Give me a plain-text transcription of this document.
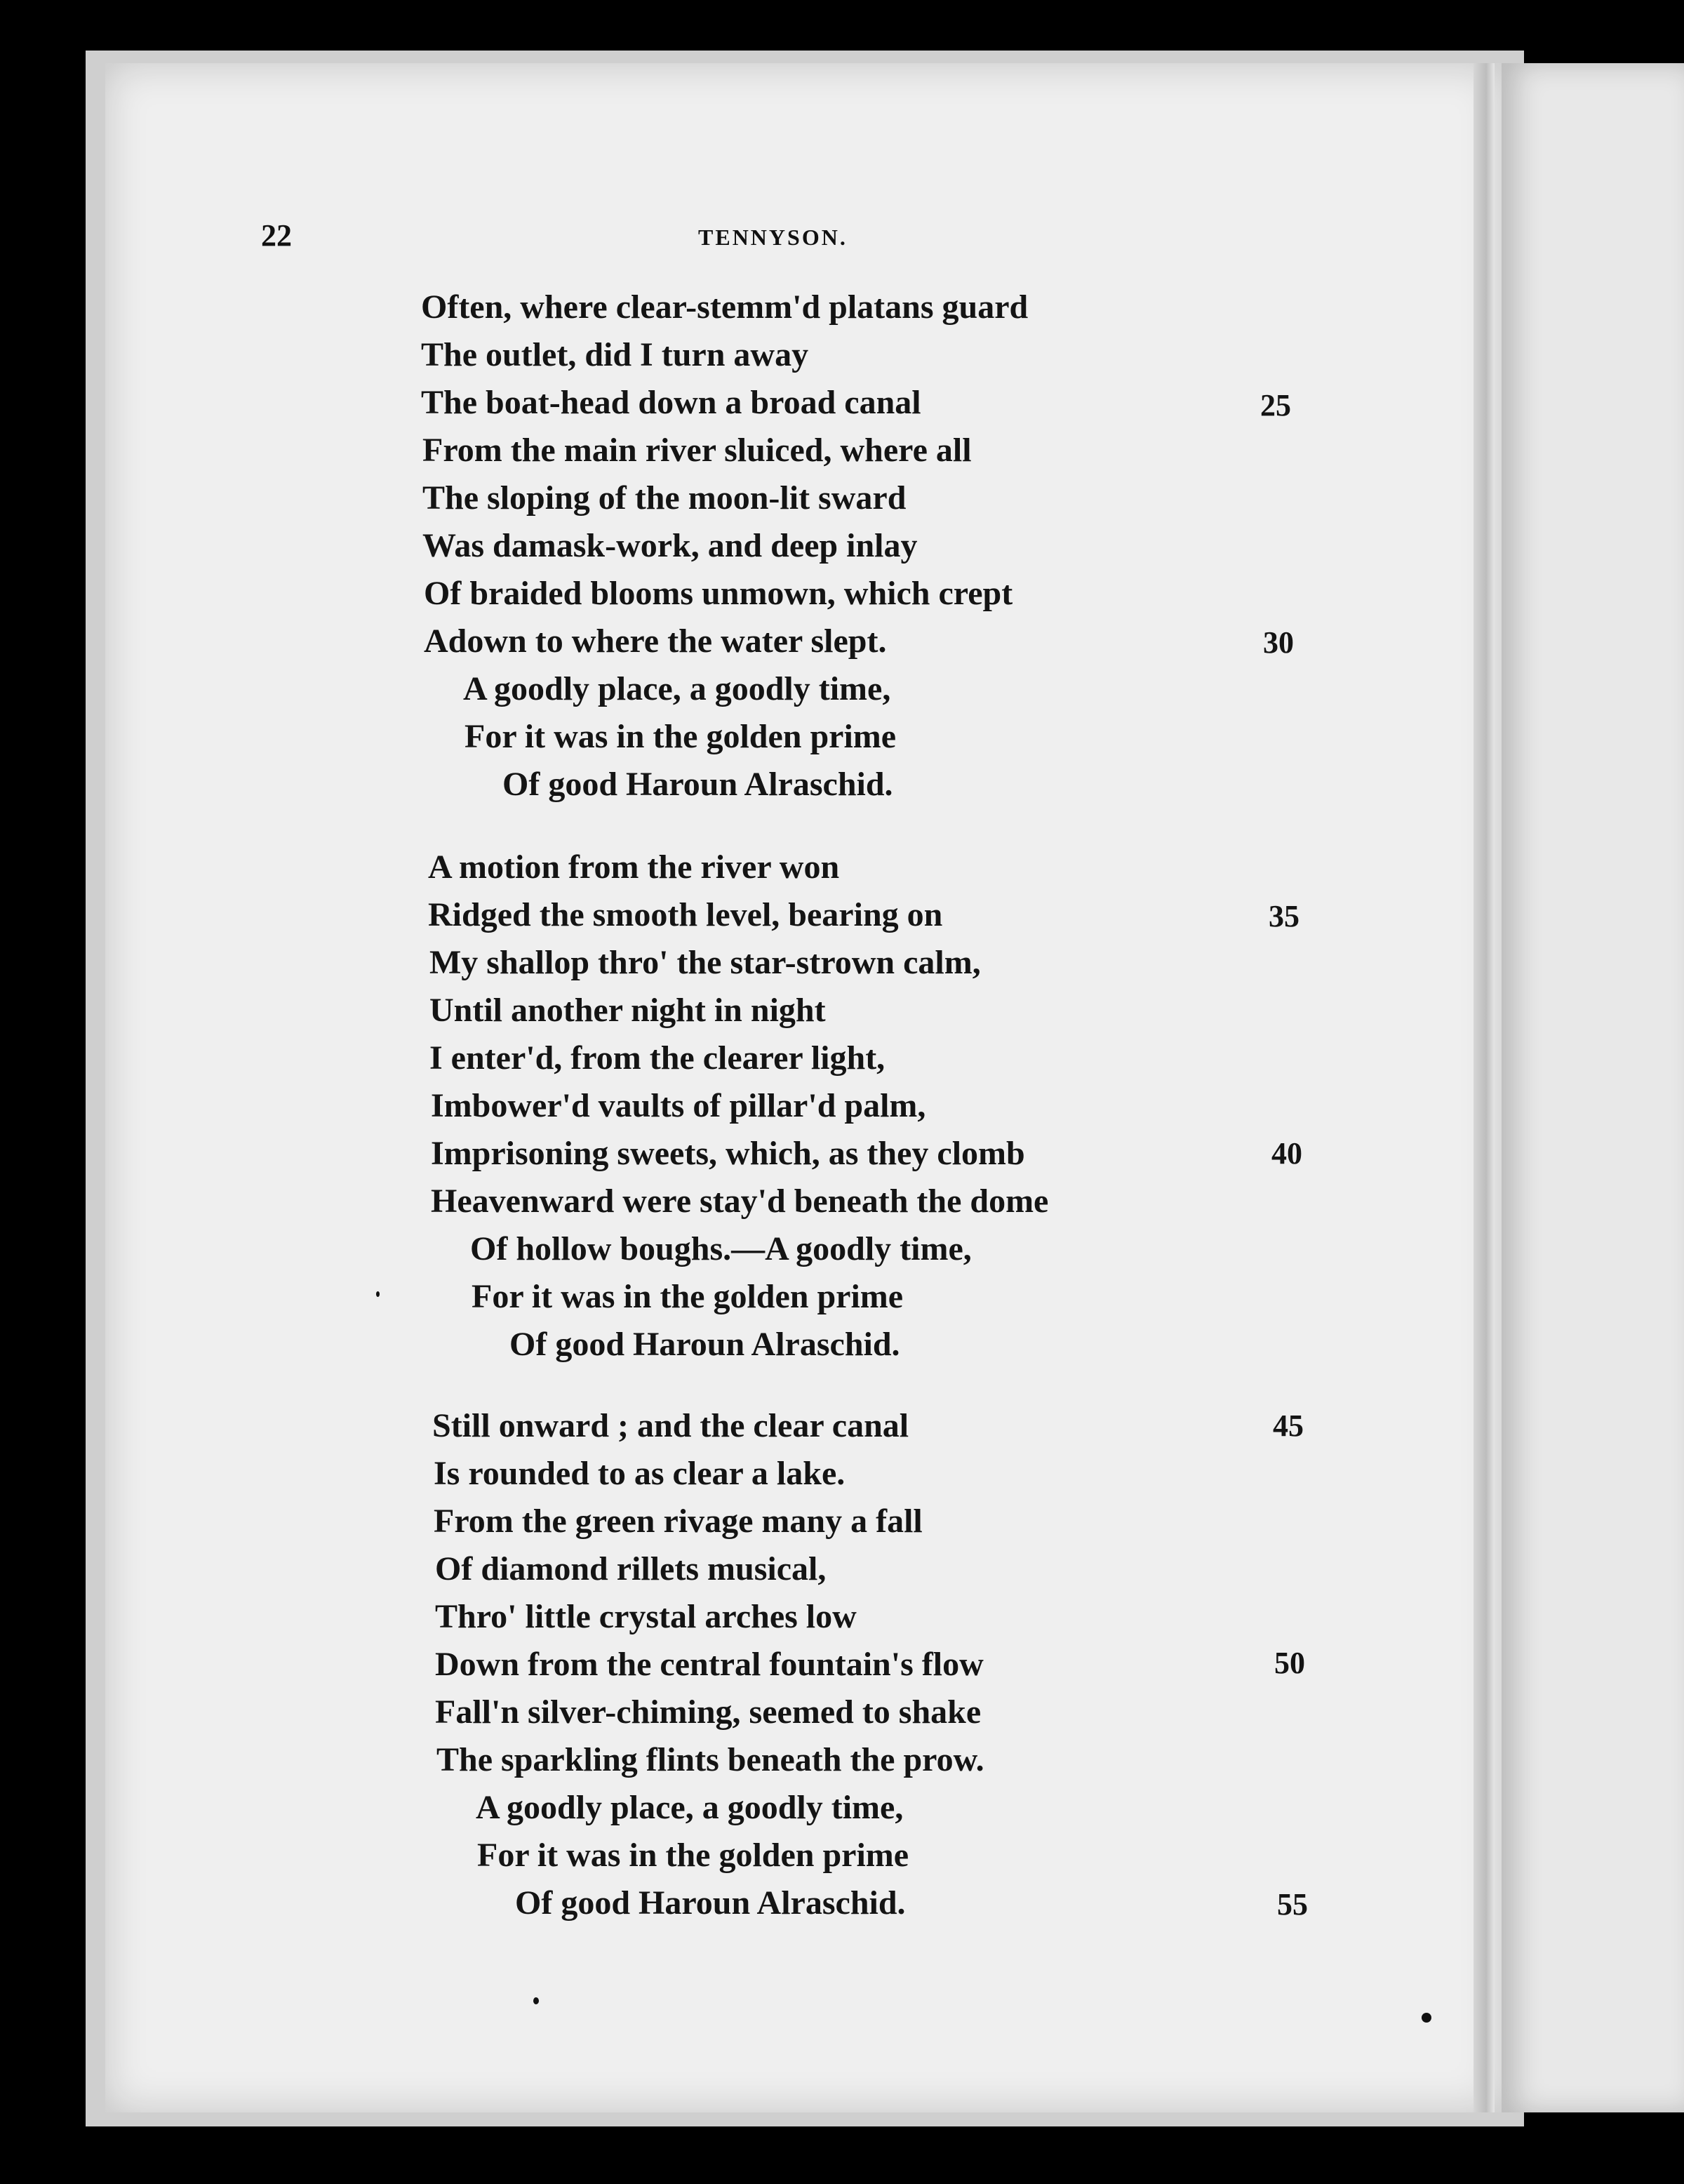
22	TENNYSON.
Often, where clear-stemm'd platans guard
The outlet, did I turn away
The boat-head down a broad canal
From the main river sluiced, where all
The sloping of the moon-lit sward
Was damask-work, and deep inlay
Of braided blooms unmown, which crept
Adown to where the water slept.
A goodly place, a goodly time,
For it was in the golden prime
Of good Haroun Alraschid.
A motion from the river won
Ridged the smooth level, bearing on
My shallop thro' the star-strown calm,
Until another night in night
I enter'd, from the clearer light,
Imbower'd vaults of pillar'd palm,
Imprisoning sweets, which, as they clomb
Heavenward were stay'd beneath the dome
Of hollow boughs.—A goodly time,
For it was in the golden prime
Of good Haroun Alraschid.
Still onward ; and the clear canal
Is rounded to as clear a lake.
From the green rivage many a fall
Of diamond rillets musical,
Thro' little crystal arches low
Down from the central fountain's flow
Fall'n silver-chiming, seemed to shake
The sparkling flints beneath the prow.
A goodly place, a goodly time,
For it was in the golden prime
Of good Haroun Alraschid.
25
30
35
40
45
50
55
